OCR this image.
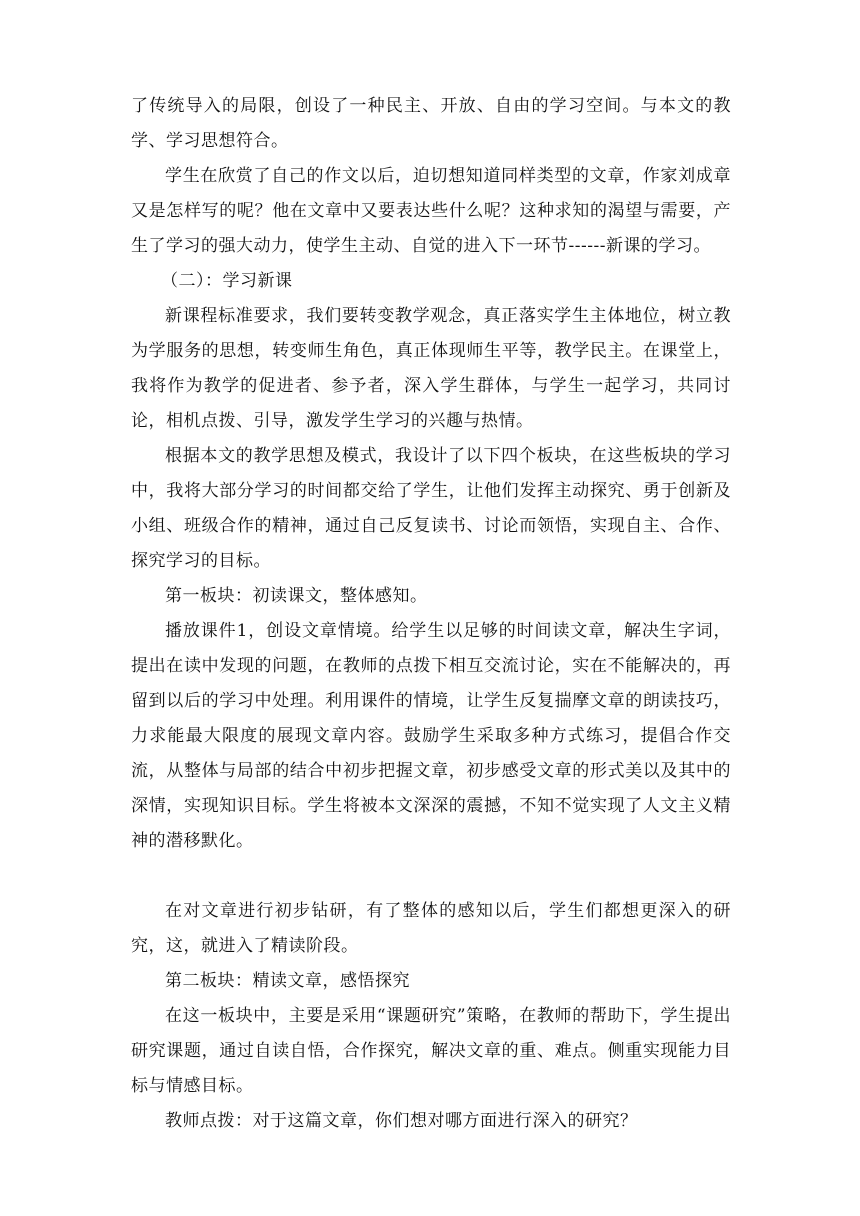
了传统导入的局限，创设了一种民主、开放、自由的学习空间。与本文的教学、学习思想符合。

学生在欣赏了自己的作文以后，迫切想知道同样类型的文章，作家刘成章又是怎样写的呢？他在文章中又要表达些什么呢？这种求知的渴望与需要，产生了学习的强大动力，使学生主动、自觉的进入下一环节------新课的学习。

（二）：学习新课

新课程标准要求，我们要转变教学观念，真正落实学生主体地位，树立教为学服务的思想，转变师生角色，真正体现师生平等，教学民主。在课堂上，我将作为教学的促进者、参予者，深入学生群体，与学生一起学习，共同讨论，相机点拨、引导，激发学生学习的兴趣与热情。

根据本文的教学思想及模式，我设计了以下四个板块，在这些板块的学习中，我将大部分学习的时间都交给了学生，让他们发挥主动探究、勇于创新及小组、班级合作的精神，通过自己反复读书、讨论而领悟，实现自主、合作、探究学习的目标。

第一板块：初读课文，整体感知。

播放课件1，创设文章情境。给学生以足够的时间读文章，解决生字词，提出在读中发现的问题，在教师的点拨下相互交流讨论，实在不能解决的，再留到以后的学习中处理。利用课件的情境，让学生反复揣摩文章的朗读技巧，力求能最大限度的展现文章内容。鼓励学生采取多种方式练习，提倡合作交流，从整体与局部的结合中初步把握文章，初步感受文章的形式美以及其中的深情，实现知识目标。学生将被本文深深的震撼，不知不觉实现了人文主义精神的潜移默化。

在对文章进行初步钻研，有了整体的感知以后，学生们都想更深入的研究，这，就进入了精读阶段。

第二板块：精读文章，感悟探究

在这一板块中，主要是采用“课题研究”策略，在教师的帮助下，学生提出研究课题，通过自读自悟，合作探究，解决文章的重、难点。侧重实现能力目标与情感目标。

教师点拨：对于这篇文章，你们想对哪方面进行深入的研究？
